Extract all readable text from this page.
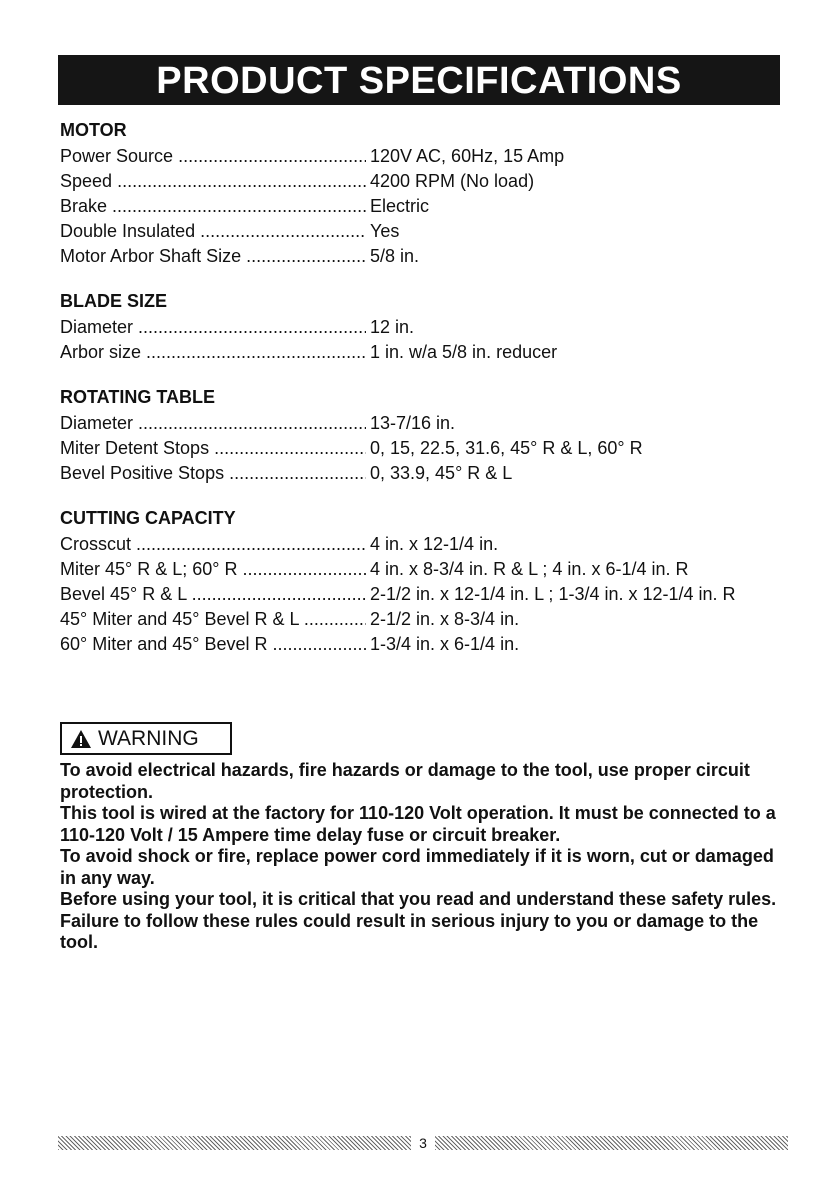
PRODUCT SPECIFICATIONS
MOTOR
Power Source .....	120V AC, 60Hz, 15 Amp
Speed .....	4200 RPM (No load)
Brake .....	Electric
Double Insulated .....	Yes
Motor Arbor Shaft Size .....	5/8 in.
BLADE SIZE
Diameter .....	12 in.
Arbor size .....	1 in. w/a 5/8 in. reducer
ROTATING TABLE
Diameter .....	13-7/16 in.
Miter Detent Stops .....	0, 15, 22.5, 31.6, 45° R & L, 60° R
Bevel Positive Stops .....	0, 33.9, 45° R & L
CUTTING CAPACITY
Crosscut .....	4 in. x 12-1/4 in.
Miter 45° R & L; 60° R .....	4 in. x 8-3/4 in. R & L ; 4 in. x 6-1/4 in. R
Bevel 45° R & L .....	2-1/2 in. x 12-1/4 in. L ; 1-3/4 in. x 12-1/4 in. R
45° Miter and 45° Bevel R & L .....	2-1/2 in. x 8-3/4 in.
60° Miter and 45° Bevel R .....	1-3/4 in. x 6-1/4 in.
WARNING

To avoid electrical hazards, fire hazards or damage to the tool, use proper circuit protection.

This tool is wired at the factory for 110-120 Volt operation. It must be connected to a 110-120 Volt / 15 Ampere time delay fuse or circuit breaker.

To avoid shock or fire, replace power cord immediately if it is worn, cut or damaged in any way.

Before using your tool, it is critical that you read and understand these safety rules. Failure to follow these rules could result in serious injury to you or damage to the tool.

3
